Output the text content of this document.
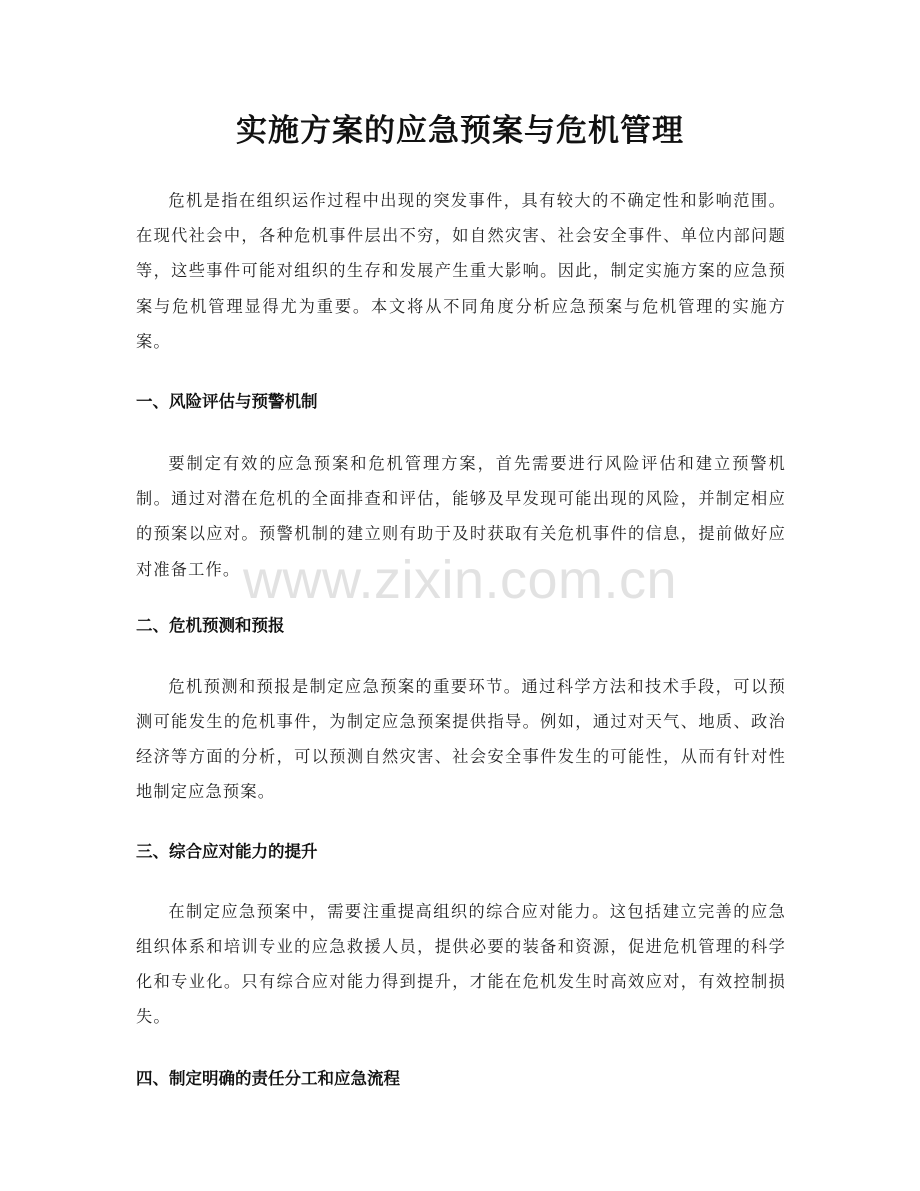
实施方案的应急预案与危机管理

危机是指在组织运作过程中出现的突发事件，具有较大的不确定性和影响范围。在现代社会中，各种危机事件层出不穷，如自然灾害、社会安全事件、单位内部问题等，这些事件可能对组织的生存和发展产生重大影响。因此，制定实施方案的应急预案与危机管理显得尤为重要。本文将从不同角度分析应急预案与危机管理的实施方案。

一、风险评估与预警机制

要制定有效的应急预案和危机管理方案，首先需要进行风险评估和建立预警机制。通过对潜在危机的全面排查和评估，能够及早发现可能出现的风险，并制定相应的预案以应对。预警机制的建立则有助于及时获取有关危机事件的信息，提前做好应对准备工作。

二、危机预测和预报

危机预测和预报是制定应急预案的重要环节。通过科学方法和技术手段，可以预测可能发生的危机事件，为制定应急预案提供指导。例如，通过对天气、地质、政治经济等方面的分析，可以预测自然灾害、社会安全事件发生的可能性，从而有针对性地制定应急预案。

三、综合应对能力的提升

在制定应急预案中，需要注重提高组织的综合应对能力。这包括建立完善的应急组织体系和培训专业的应急救援人员，提供必要的装备和资源，促进危机管理的科学化和专业化。只有综合应对能力得到提升，才能在危机发生时高效应对，有效控制损失。

四、制定明确的责任分工和应急流程

www.zixin.com.cn
